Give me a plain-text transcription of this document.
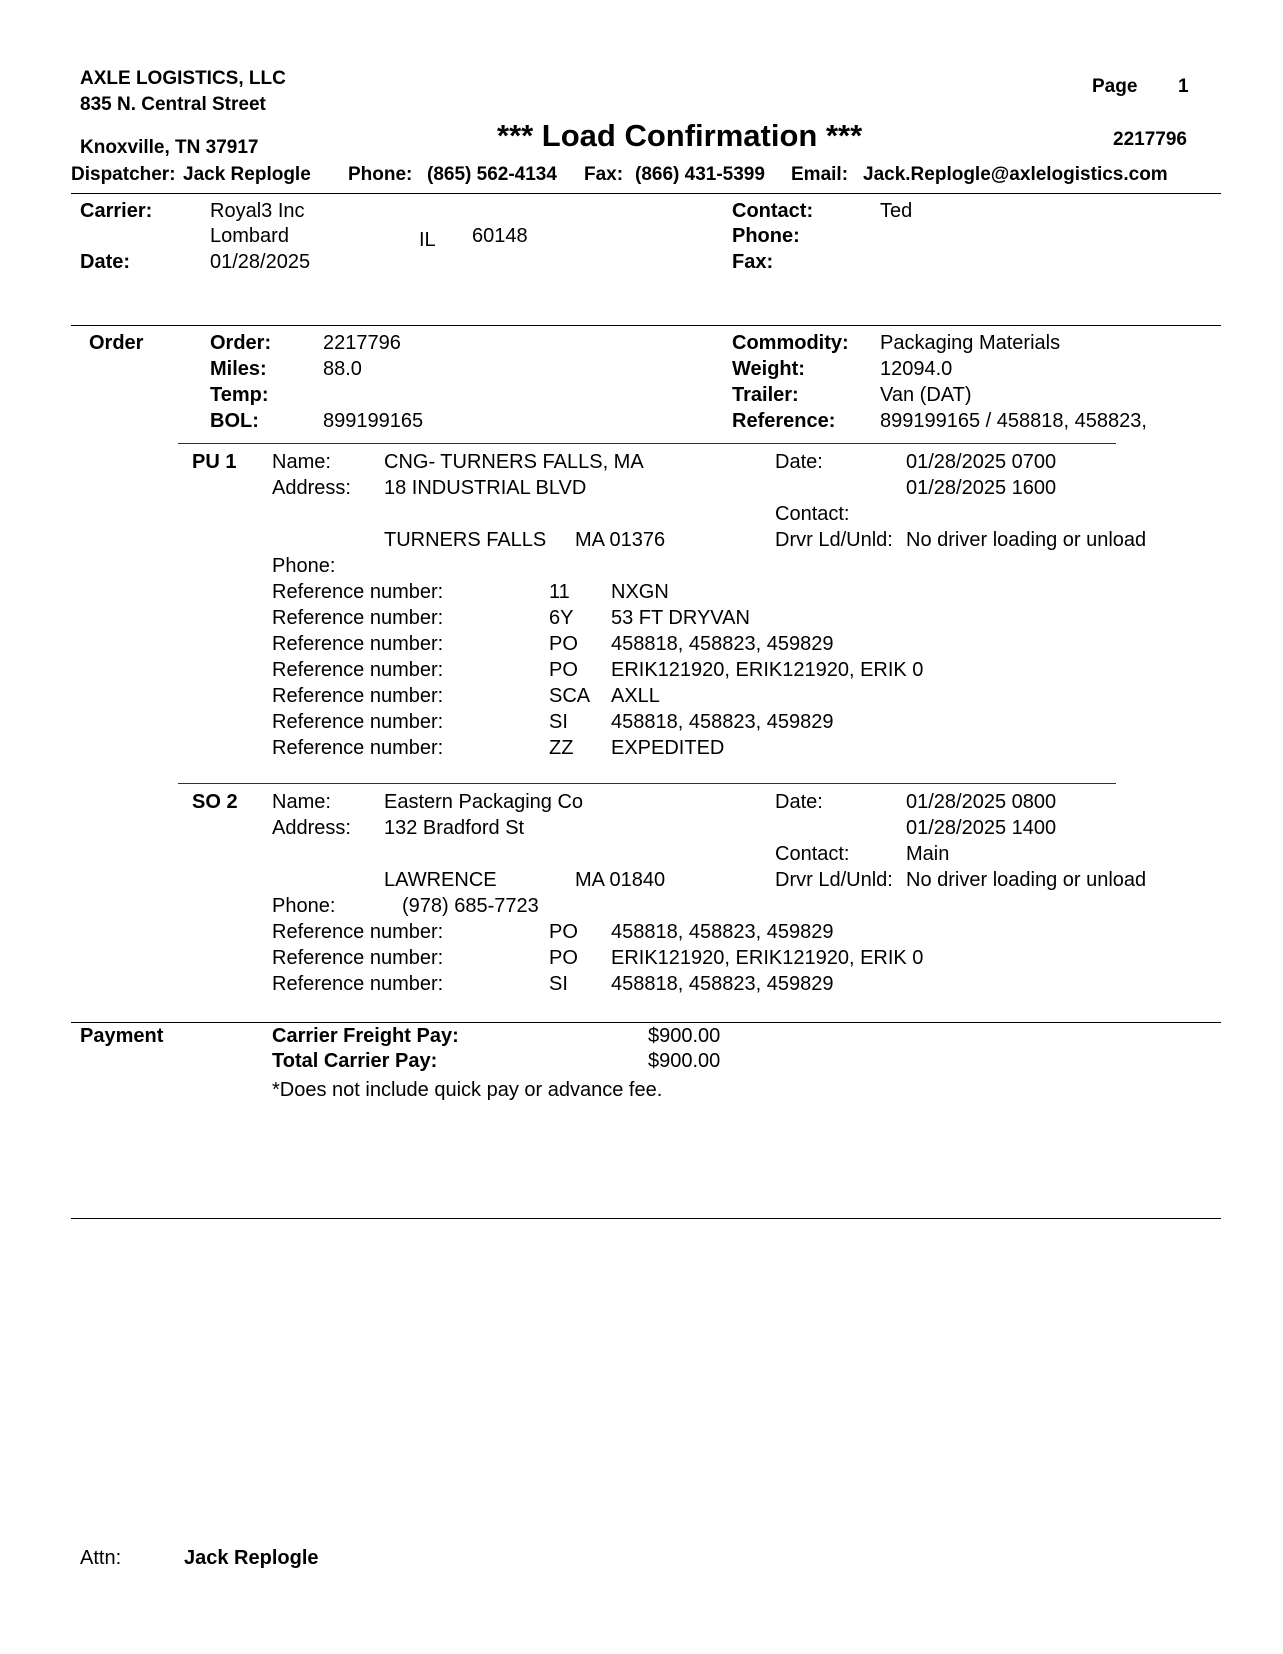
AXLE LOGISTICS, LLC
835 N. Central Street
Knoxville, TN 37917
Page 1
*** Load Confirmation ***	2217796
Dispatcher: Jack Replogle Phone: (865) 562-4134 Fax: (866) 431-5399 Email: Jack.Replogle@axlelogistics.com
Carrier:	Royal3 Inc
Lombard	IL 60148
Date:	01/28/2025
Contact:	Ted
Phone:
Fax:
Order	Order:	2217796
Miles:	88.0
Temp:
BOL:	899199165
Commodity: Packaging Materials
Weight:	12094.0
Trailer:	Van (DAT)
Reference: 899199165 / 458818, 458823,
PU 1 Name:	CNG- TURNERS FALLS, MA
Address: 18 INDUSTRIAL BLVD
TURNERS FALLS MA 01376
Phone:
Date:	01/28/2025 0700
01/28/2025 1600
Contact:
Drvr Ld/Unld: No driver loading or unload
Reference number:	11 NXGN
Reference number:	6Y 53 FT DRYVAN
Reference number:	PO 458818, 458823, 459829
Reference number:	PO ERIK121920, ERIK121920, ERIK 0
Reference number:	SCA AXLL
Reference number:	SI 458818, 458823, 459829
Reference number:	ZZ EXPEDITED
SO 2 Name:	Eastern Packaging Co
Address: 132 Bradford St
LAWRENCE	MA 01840
Phone:	(978) 685-7723
Date:	01/28/2025 0800
01/28/2025 1400
Contact:	Main
Drvr Ld/Unld: No driver loading or unload
Reference number:	PO 458818, 458823, 459829
Reference number:	PO ERIK121920, ERIK121920, ERIK 0
Reference number:	SI 458818, 458823, 459829
Payment	Carrier Freight Pay:	$900.00
Total Carrier Pay:	$900.00
*Does not include quick pay or advance fee.
Attn:	Jack Replogle
